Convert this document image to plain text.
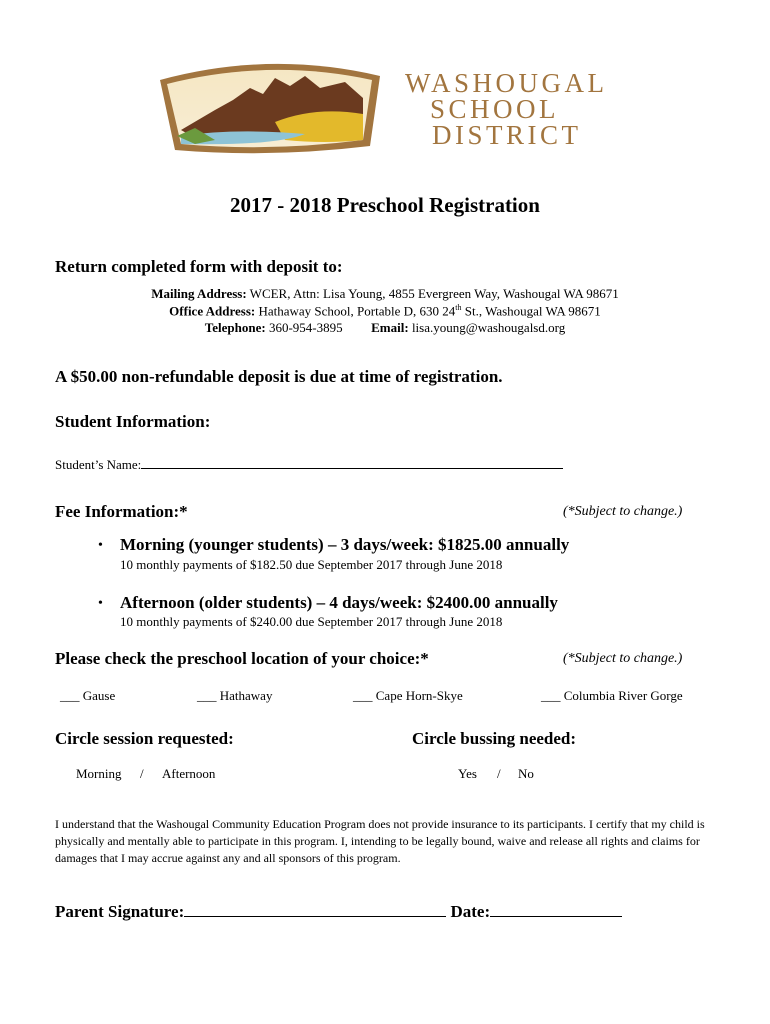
WASHOUGAL
SCHOOL
DISTRICT
2017 - 2018 Preschool Registration
Return completed form with deposit to:
Mailing Address: WCER, Attn: Lisa Young, 4855 Evergreen Way, Washougal WA 98671
Office Address: Hathaway School, Portable D, 630 24th St., Washougal WA 98671
Telephone: 360-954-3895 Email: lisa.young@washougalsd.org
A $50.00 non-refundable deposit is due at time of registration.
Student Information:
Student’s Name:
Fee Information:*	(*Subject to change.)
• Morning (younger students) – 3 days/week: $1825.00 annually
10 monthly payments of $182.50 due September 2017 through June 2018
• Afternoon (older students) – 4 days/week: $2400.00 annually
10 monthly payments of $240.00 due September 2017 through June 2018
Please check the preschool location of your choice:*	(*Subject to change.)
___ Gause	___ Hathaway	___ Cape Horn-Skye	___ Columbia River Gorge
Circle session requested:	Circle bussing needed:
Morning / Afternoon	Yes / No
I understand that the Washougal Community Education Program does not provide insurance to its participants. I certify that my child is physically and mentally able to participate in this program. I, intending to be legally bound, waive and release all rights and claims for damages that I may accrue against any and all sponsors of this program.
Parent Signature:	Date:
